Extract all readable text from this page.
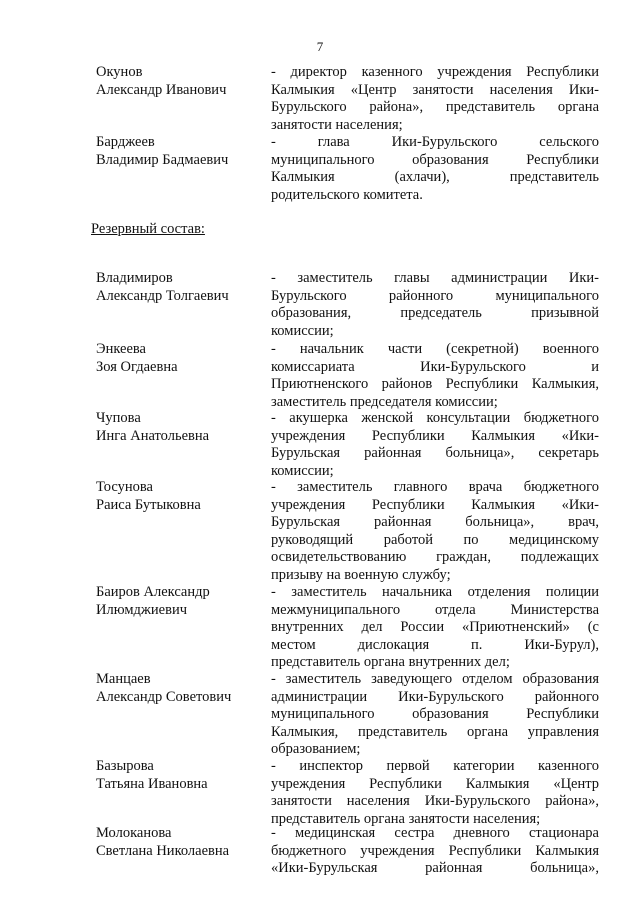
7
Окунов
Александр Иванович
- директор казенного учреждения Республики
Калмыкия «Центр занятости населения Ики-
Бурульского района», представитель органа
занятости населения;
Барджеев
Владимир Бадмаевич
- глава Ики-Бурульского сельского
муниципального образования Республики
Калмыкия (ахлачи), представитель
родительского комитета.
Резервный состав:
Владимиров
Александр Толгаевич
- заместитель главы администрации Ики-
Бурульского районного муниципального
образования, председатель призывной
комиссии;
Энкеева
Зоя Огдаевна
- начальник части (секретной) военного
комиссариата Ики-Бурульского и
Приютненского районов Республики Калмыкия,
заместитель председателя комиссии;
Чупова
Инга Анатольевна
- акушерка женской консультации бюджетного
учреждения Республики Калмыкия «Ики-
Бурульская районная больница», секретарь
комиссии;
Тосунова
Раиса Бутыковна
- заместитель главного врача бюджетного
учреждения Республики Калмыкия «Ики-
Бурульская районная больница», врач,
руководящий работой по медицинскому
освидетельствованию граждан, подлежащих
призыву на военную службу;
Баиров Александр
Илюмджиевич
- заместитель начальника отделения полиции
межмуниципального отдела Министерства
внутренних дел России «Приютненский» (с
местом дислокация п. Ики-Бурул),
представитель органа внутренних дел;
Манцаев
Александр Советович
- заместитель заведующего отделом образования
администрации Ики-Бурульского районного
муниципального образования Республики
Калмыкия, представитель органа управления
образованием;
Базырова
Татьяна Ивановна
- инспектор первой категории казенного
учреждения Республики Калмыкия «Центр
занятости населения Ики-Бурульского района»,
представитель органа занятости населения;
Молоканова
Светлана Николаевна
- медицинская сестра дневного стационара
бюджетного учреждения Республики Калмыкия
«Ики-Бурульская районная больница»,
